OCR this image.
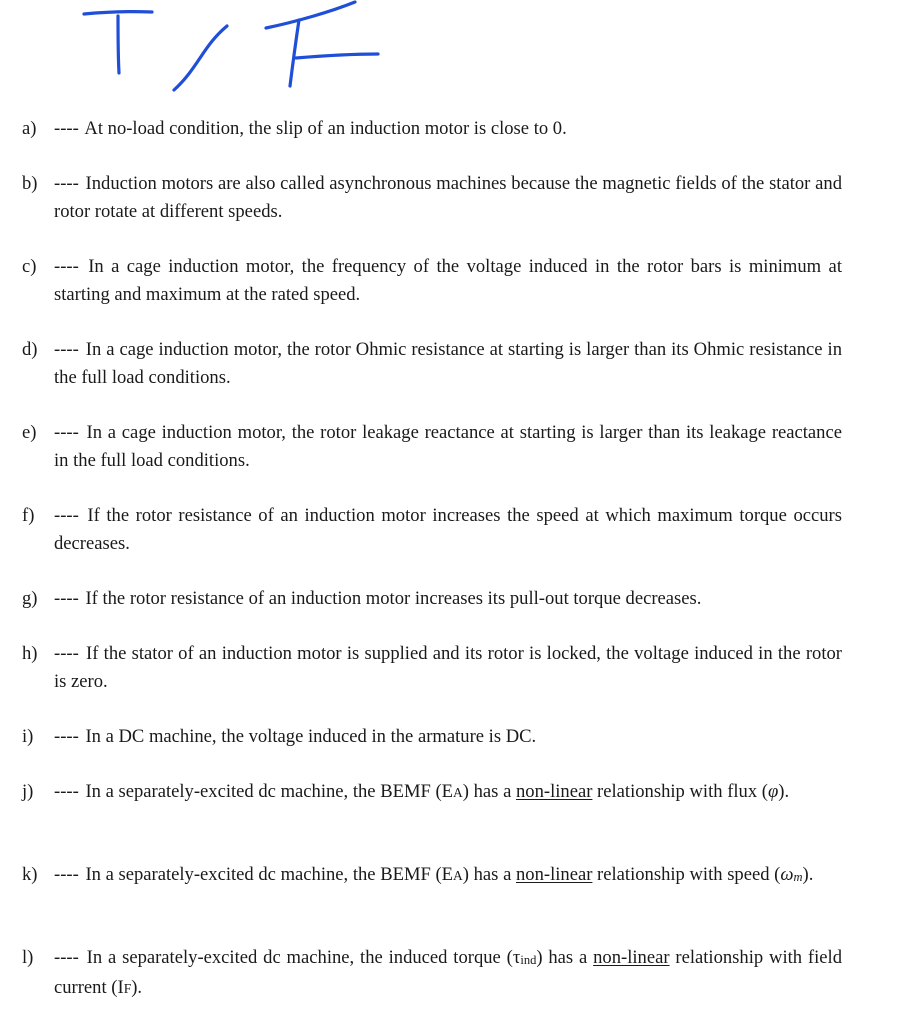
a) ---- At no-load condition, the slip of an induction motor is close to 0.
b) ---- Induction motors are also called asynchronous machines because the magnetic fields of the stator and rotor rotate at different speeds.
c) ---- In a cage induction motor, the frequency of the voltage induced in the rotor bars is minimum at starting and maximum at the rated speed.
d) ---- In a cage induction motor, the rotor Ohmic resistance at starting is larger than its Ohmic resistance in the full load conditions.
e) ---- In a cage induction motor, the rotor leakage reactance at starting is larger than its leakage reactance in the full load conditions.
f) ---- If the rotor resistance of an induction motor increases the speed at which maximum torque occurs decreases.
g) ---- If the rotor resistance of an induction motor increases its pull-out torque decreases.
h) ---- If the stator of an induction motor is supplied and its rotor is locked, the voltage induced in the rotor is zero.
i) ---- In a DC machine, the voltage induced in the armature is DC.
j) ---- In a separately-excited dc machine, the BEMF (EA) has a non-linear relationship with flux (φ).
k) ---- In a separately-excited dc machine, the BEMF (EA) has a non-linear relationship with speed (ωm).
l) ---- In a separately-excited dc machine, the induced torque (τind) has a non-linear relationship with field current (IF).
